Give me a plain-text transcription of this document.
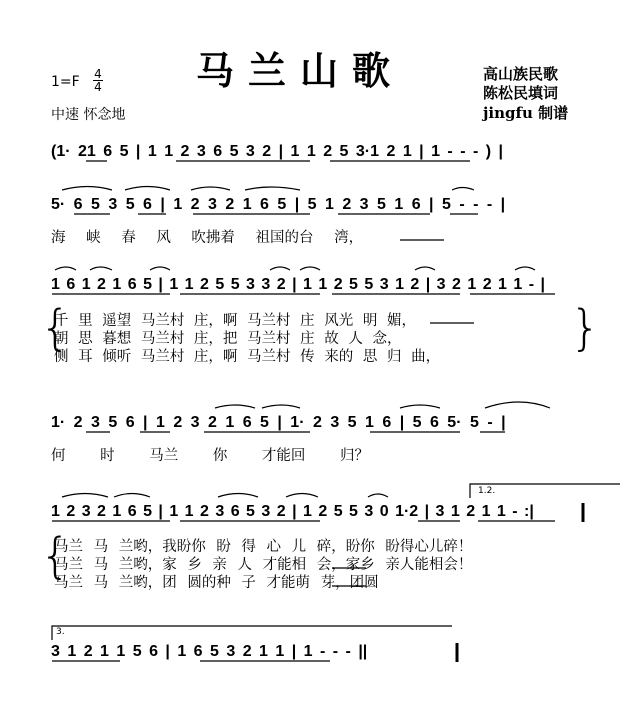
马兰山歌
1=F 4
4
中速 怀念地
高山族民歌
陈松民填词
jingfu 制谱
(1· 21 6 5 | 1 1 2 3 6 5 3 2 | 1 1 2 5 3·1 2 1 | 1 - - - ) |
5· 6 5 3 5 6 | 1 2 3 2 1 6 5 | 5 1 2 3 5 1 6 | 5 - - - |
1 6 1 2 1 6 5 | 1 1 2 5 5 3 3 2 | 1 1 2 5 5 3 1 2 | 3 2 1 2 1 1 - |
1· 2 3 5 6 | 1 2 3 2 1 6 5 | 1· 2 3 5 1 6 | 5 6 5· 5 - |
1 2 3 2 1 6 5 | 1 1 2 3 6 5 3 2 | 1 2 5 5 3 0 1·2 | 3 1 2 1 1 - :|
3 1 2 1 1 5 6 | 1 6 5 3 2 1 1 | 1 - - - ||
1.2.
3.
海 峡 春 风 吹拂着 祖国的台 湾，
{
千 里 遥望 马兰村 庄，啊 马兰村 庄 风光 明 媚，
朝 思 暮想 马兰村 庄，把 马兰村 庄 故 人 念，
侧 耳 倾听 马兰村 庄，啊 马兰村 传 来的 思 归 曲，
}
何 时 马兰 你 才能回 归？
{
马兰 马 兰哟，我盼你 盼 得 心 儿 碎，盼你 盼得心儿碎！
马兰 马 兰哟，家 乡 亲 人 才能相 会，家乡 亲人能相会！
马兰 马 兰哟，团 圆的种 子 才能萌 芽，团圆
